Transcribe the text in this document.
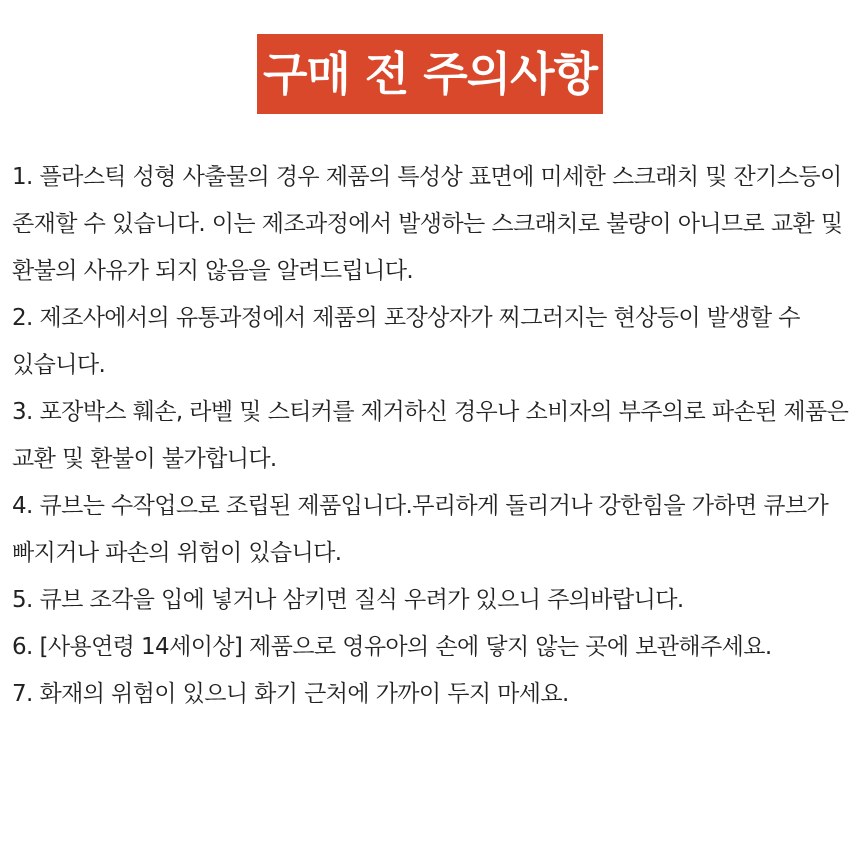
구매 전 주의사항
1. 플라스틱 성형 사출물의 경우 제품의 특성상 표면에 미세한 스크래치 및 잔기스등이 존재할 수 있습니다. 이는 제조과정에서 발생하는 스크래치로 불량이 아니므로 교환 및 환불의 사유가 되지 않음을 알려드립니다.
2. 제조사에서의 유통과정에서 제품의 포장상자가 찌그러지는 현상등이 발생할 수 있습니다.
3. 포장박스 훼손, 라벨 및 스티커를 제거하신 경우나 소비자의 부주의로 파손된 제품은 교환 및 환불이 불가합니다.
4. 큐브는 수작업으로 조립된 제품입니다.무리하게 돌리거나 강한힘을 가하면 큐브가 빠지거나 파손의 위험이 있습니다.
5. 큐브 조각을 입에 넣거나 삼키면 질식 우려가 있으니 주의바랍니다.
6. [사용연령 14세이상] 제품으로 영유아의 손에 닿지 않는 곳에 보관해주세요.
7. 화재의 위험이 있으니 화기 근처에 가까이 두지 마세요.
